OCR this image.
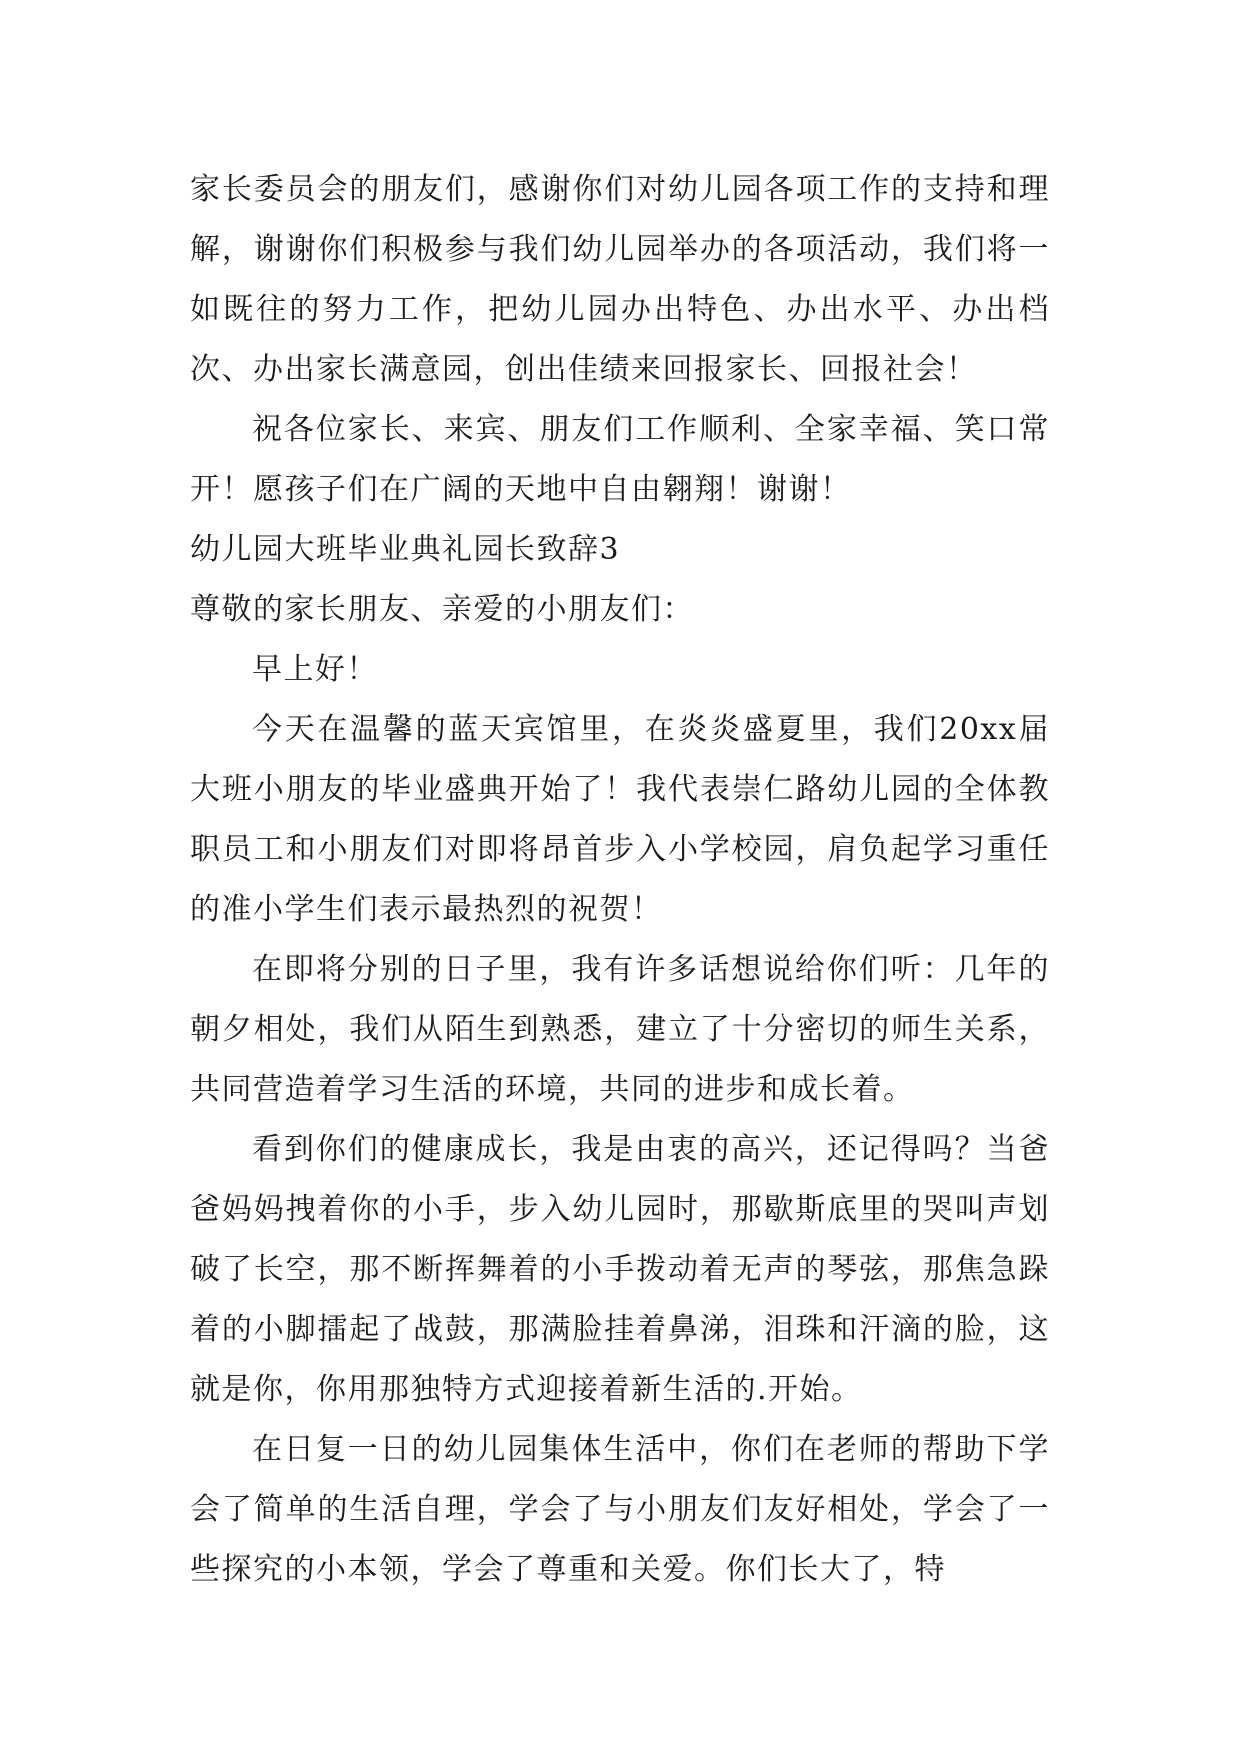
家长委员会的朋友们，感谢你们对幼儿园各项工作的支持和理解，谢谢你们积极参与我们幼儿园举办的各项活动，我们将一如既往的努力工作，把幼儿园办出特色、办出水平、办出档次、办出家长满意园，创出佳绩来回报家长、回报社会！

祝各位家长、来宾、朋友们工作顺利、全家幸福、笑口常开！愿孩子们在广阔的天地中自由翱翔！谢谢！

幼儿园大班毕业典礼园长致辞3

尊敬的家长朋友、亲爱的小朋友们：

早上好！

今天在温馨的蓝天宾馆里，在炎炎盛夏里，我们20xx届大班小朋友的毕业盛典开始了！我代表崇仁路幼儿园的全体教职员工和小朋友们对即将昂首步入小学校园，肩负起学习重任的准小学生们表示最热烈的祝贺！

在即将分别的日子里，我有许多话想说给你们听：几年的朝夕相处，我们从陌生到熟悉，建立了十分密切的师生关系，共同营造着学习生活的环境，共同的进步和成长着。

看到你们的健康成长，我是由衷的高兴，还记得吗？当爸爸妈妈拽着你的小手，步入幼儿园时，那歇斯底里的哭叫声划破了长空，那不断挥舞着的小手拨动着无声的琴弦，那焦急跺着的小脚擂起了战鼓，那满脸挂着鼻涕，泪珠和汗滴的脸，这就是你，你用那独特方式迎接着新生活的.开始。

在日复一日的幼儿园集体生活中，你们在老师的帮助下学会了简单的生活自理，学会了与小朋友们友好相处，学会了一些探究的小本领，学会了尊重和关爱。你们长大了，特
